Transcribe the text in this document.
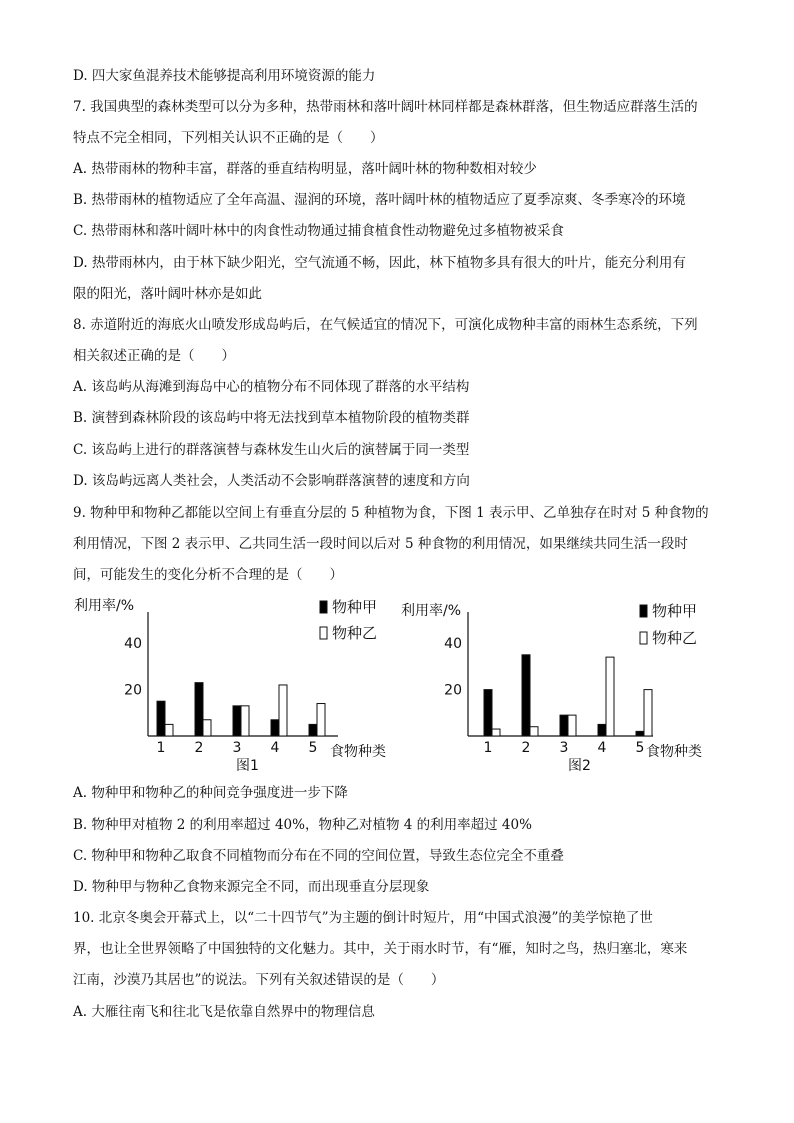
D. 四大家鱼混养技术能够提高利用环境资源的能力
7. 我国典型的森林类型可以分为多种，热带雨林和落叶阔叶林同样都是森林群落，但生物适应群落生活的
特点不完全相同，下列相关认识不正确的是（　　）
A. 热带雨林的物种丰富，群落的垂直结构明显，落叶阔叶林的物种数相对较少
B. 热带雨林的植物适应了全年高温、湿润的环境，落叶阔叶林的植物适应了夏季凉爽、冬季寒冷的环境
C. 热带雨林和落叶阔叶林中的肉食性动物通过捕食植食性动物避免过多植物被采食
D. 热带雨林内，由于林下缺少阳光，空气流通不畅，因此，林下植物多具有很大的叶片，能充分利用有
限的阳光，落叶阔叶林亦是如此
8. 赤道附近的海底火山喷发形成岛屿后，在气候适宜的情况下，可演化成物种丰富的雨林生态系统，下列
相关叙述正确的是（　　）
A. 该岛屿从海滩到海岛中心的植物分布不同体现了群落的水平结构
B. 演替到森林阶段的该岛屿中将无法找到草本植物阶段的植物类群
C. 该岛屿上进行的群落演替与森林发生山火后的演替属于同一类型
D. 该岛屿远离人类社会，人类活动不会影响群落演替的速度和方向
9. 物种甲和物种乙都能以空间上有垂直分层的 5 种植物为食，下图 1 表示甲、乙单独存在时对 5 种食物的
利用情况，下图 2 表示甲、乙共同生活一段时间以后对 5 种食物的利用情况，如果继续共同生活一段时
间，可能发生的变化分析不合理的是（　　）
利用率/%
20
40
1 2 3 4 5 食物种类
图1
物种甲
物种乙
利用率/%
20
40
1 2 3 4 5 食物种类
图2
物种甲
物种乙
A. 物种甲和物种乙的种间竞争强度进一步下降
B. 物种甲对植物 2 的利用率超过 40%，物种乙对植物 4 的利用率超过 40%
C. 物种甲和物种乙取食不同植物而分布在不同的空间位置，导致生态位完全不重叠
D. 物种甲与物种乙食物来源完全不同，而出现垂直分层现象
10. 北京冬奥会开幕式上，以“二十四节气”为主题的倒计时短片，用“中国式浪漫”的美学惊艳了世
界，也让全世界领略了中国独特的文化魅力。其中，关于雨水时节，有“雁，知时之鸟，热归塞北，寒来
江南，沙漠乃其居也”的说法。下列有关叙述错误的是（　　）
A. 大雁往南飞和往北飞是依靠自然界中的物理信息
